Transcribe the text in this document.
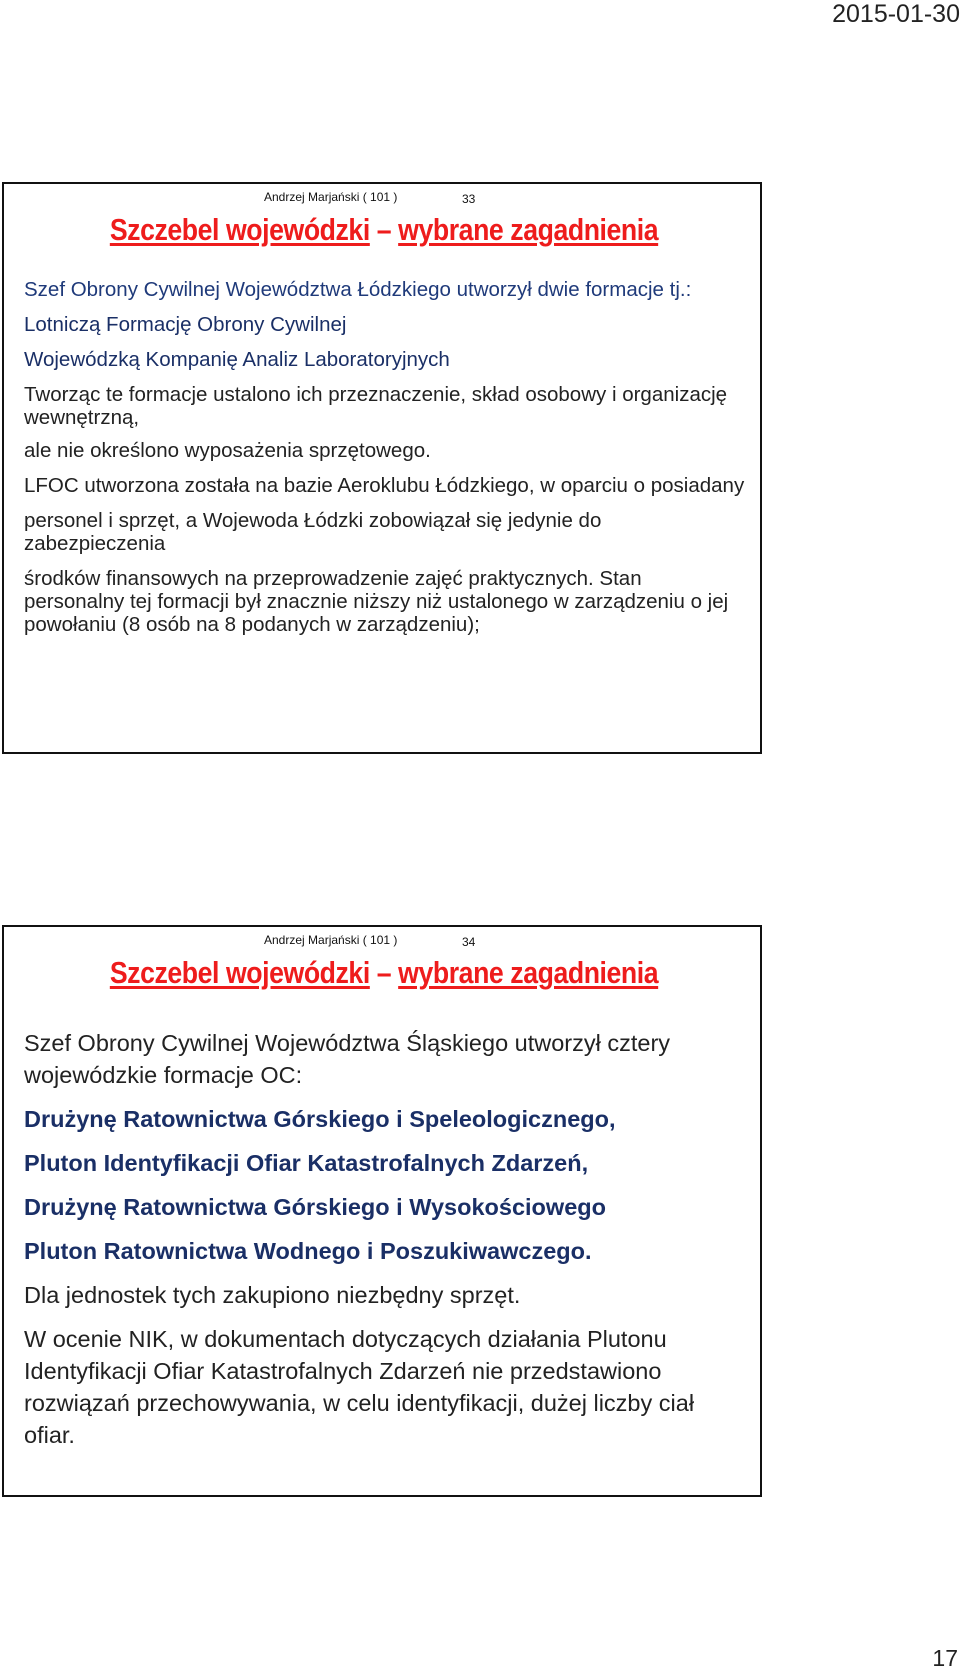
2015-01-30
Andrzej Marjański ( 101 )	33
Szczebel wojewódzki – wybrane zagadnienia

Szef Obrony Cywilnej Województwa Łódzkiego utworzył dwie formacje tj.:

Lotniczą Formację Obrony Cywilnej

Wojewódzką Kompanię Analiz Laboratoryjnych

Tworząc te formacje ustalono ich przeznaczenie, skład osobowy i organizację wewnętrzną,

ale nie określono wyposażenia sprzętowego.

LFOC utworzona została na bazie Aeroklubu Łódzkiego, w oparciu o posiadany

personel i sprzęt, a Wojewoda Łódzki zobowiązał się jedynie do zabezpieczenia

środków finansowych na przeprowadzenie zajęć praktycznych. Stan personalny tej formacji był znacznie niższy niż ustalonego w zarządzeniu o jej powołaniu (8 osób na 8 podanych w zarządzeniu);

Andrzej Marjański ( 101 )	34
Szczebel wojewódzki – wybrane zagadnienia

Szef Obrony Cywilnej Województwa Śląskiego utworzył cztery wojewódzkie formacje OC:

Drużynę Ratownictwa Górskiego i Speleologicznego,

Pluton Identyfikacji Ofiar Katastrofalnych Zdarzeń,

Drużynę Ratownictwa Górskiego i Wysokościowego

Pluton Ratownictwa Wodnego i Poszukiwawczego.

Dla jednostek tych zakupiono niezbędny sprzęt.

W ocenie NIK, w dokumentach dotyczących działania Plutonu Identyfikacji Ofiar Katastrofalnych Zdarzeń nie przedstawiono rozwiązań przechowywania, w celu identyfikacji, dużej liczby ciał ofiar.

17
